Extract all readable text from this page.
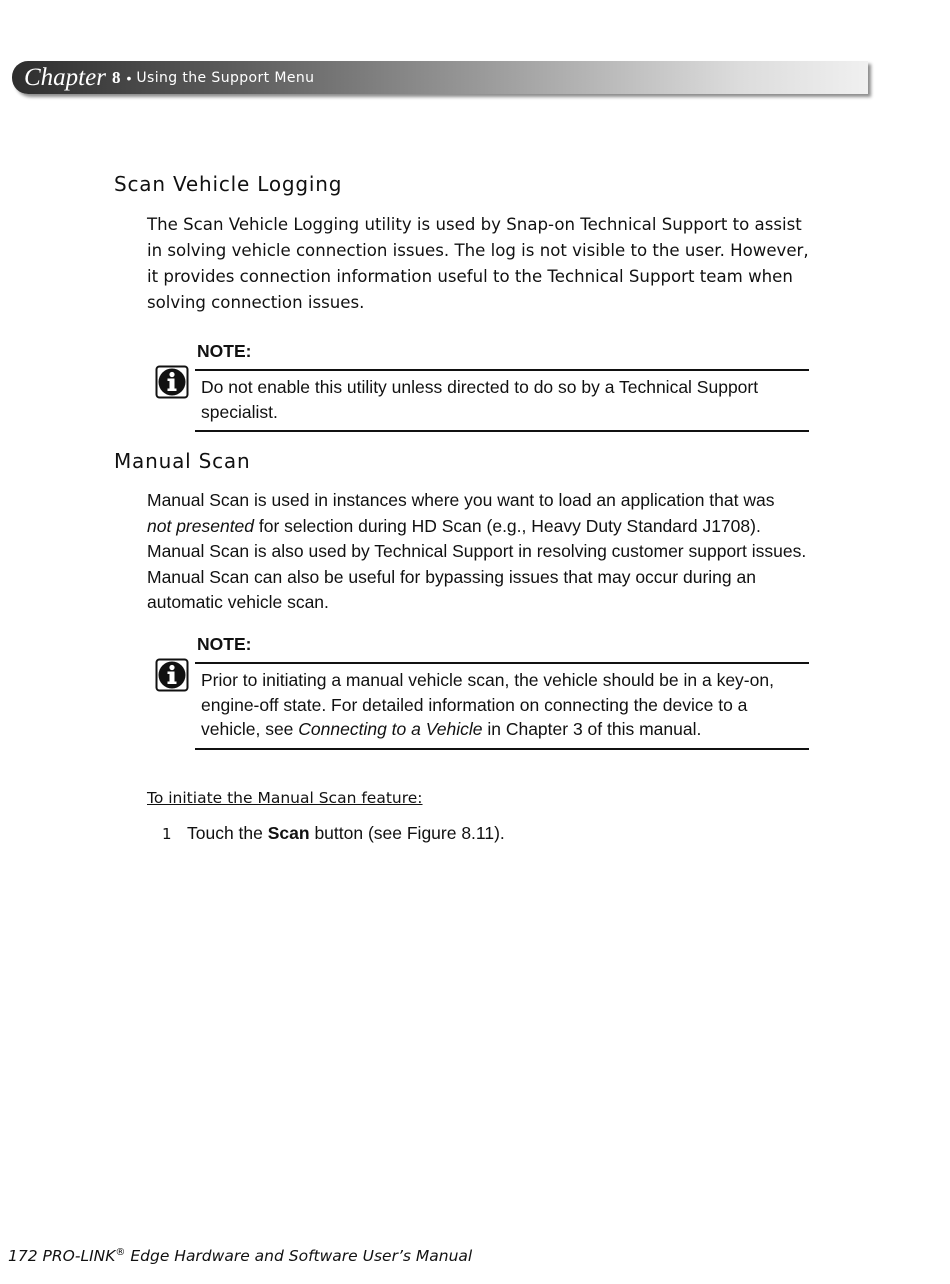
Chapter 8 • Using the Support Menu
Scan Vehicle Logging

The Scan Vehicle Logging utility is used by Snap-on Technical Support to assist in solving vehicle connection issues. The log is not visible to the user. However, it provides connection information useful to the Technical Support team when solving connection issues.

NOTE:
Do not enable this utility unless directed to do so by a Technical Support specialist.
Manual Scan

Manual Scan is used in instances where you want to load an application that was
not presented for selection during HD Scan (e.g., Heavy Duty Standard J1708). Manual Scan is also used by Technical Support in resolving customer support issues. Manual Scan can also be useful for bypassing issues that may occur during an automatic vehicle scan.

NOTE:
Prior to initiating a manual vehicle scan, the vehicle should be in a key-on, engine-off state. For detailed information on connecting the device to a vehicle, see Connecting to a Vehicle in Chapter 3 of this manual.

To initiate the Manual Scan feature:

1 Touch the Scan button (see Figure 8.11).
172 PRO-LINK® Edge Hardware and Software User’s Manual
